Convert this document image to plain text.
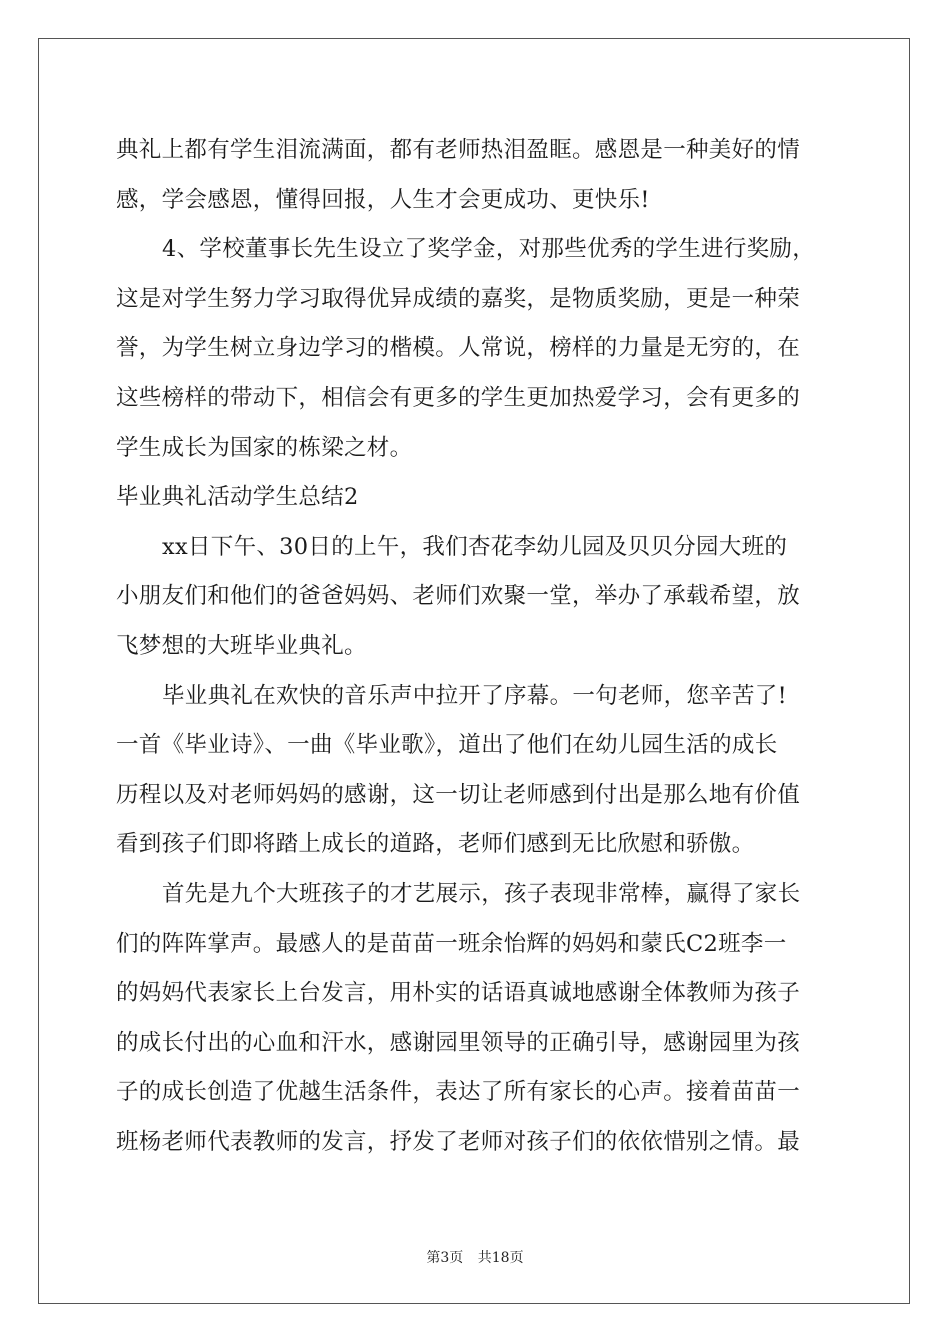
典礼上都有学生泪流满面，都有老师热泪盈眶。感恩是一种美好的情
感，学会感恩，懂得回报，人生才会更成功、更快乐!
4、学校董事长先生设立了奖学金，对那些优秀的学生进行奖励，
这是对学生努力学习取得优异成绩的嘉奖，是物质奖励，更是一种荣
誉，为学生树立身边学习的楷模。人常说，榜样的力量是无穷的，在
这些榜样的带动下，相信会有更多的学生更加热爱学习，会有更多的
学生成长为国家的栋梁之材。
毕业典礼活动学生总结2
xx日下午、30日的上午，我们杏花李幼儿园及贝贝分园大班的
小朋友们和他们的爸爸妈妈、老师们欢聚一堂，举办了承载希望，放
飞梦想的大班毕业典礼。
毕业典礼在欢快的音乐声中拉开了序幕。一句老师，您辛苦了!
一首《毕业诗》、一曲《毕业歌》，道出了他们在幼儿园生活的成长
历程以及对老师妈妈的感谢，这一切让老师感到付出是那么地有价值
看到孩子们即将踏上成长的道路，老师们感到无比欣慰和骄傲。
首先是九个大班孩子的才艺展示，孩子表现非常棒，赢得了家长
们的阵阵掌声。最感人的是苗苗一班余怡辉的妈妈和蒙氏C2班李一
的妈妈代表家长上台发言，用朴实的话语真诚地感谢全体教师为孩子
的成长付出的心血和汗水，感谢园里领导的正确引导，感谢园里为孩
子的成长创造了优越生活条件，表达了所有家长的心声。接着苗苗一
班杨老师代表教师的发言，抒发了老师对孩子们的依依惜别之情。最
第3页 共18页
